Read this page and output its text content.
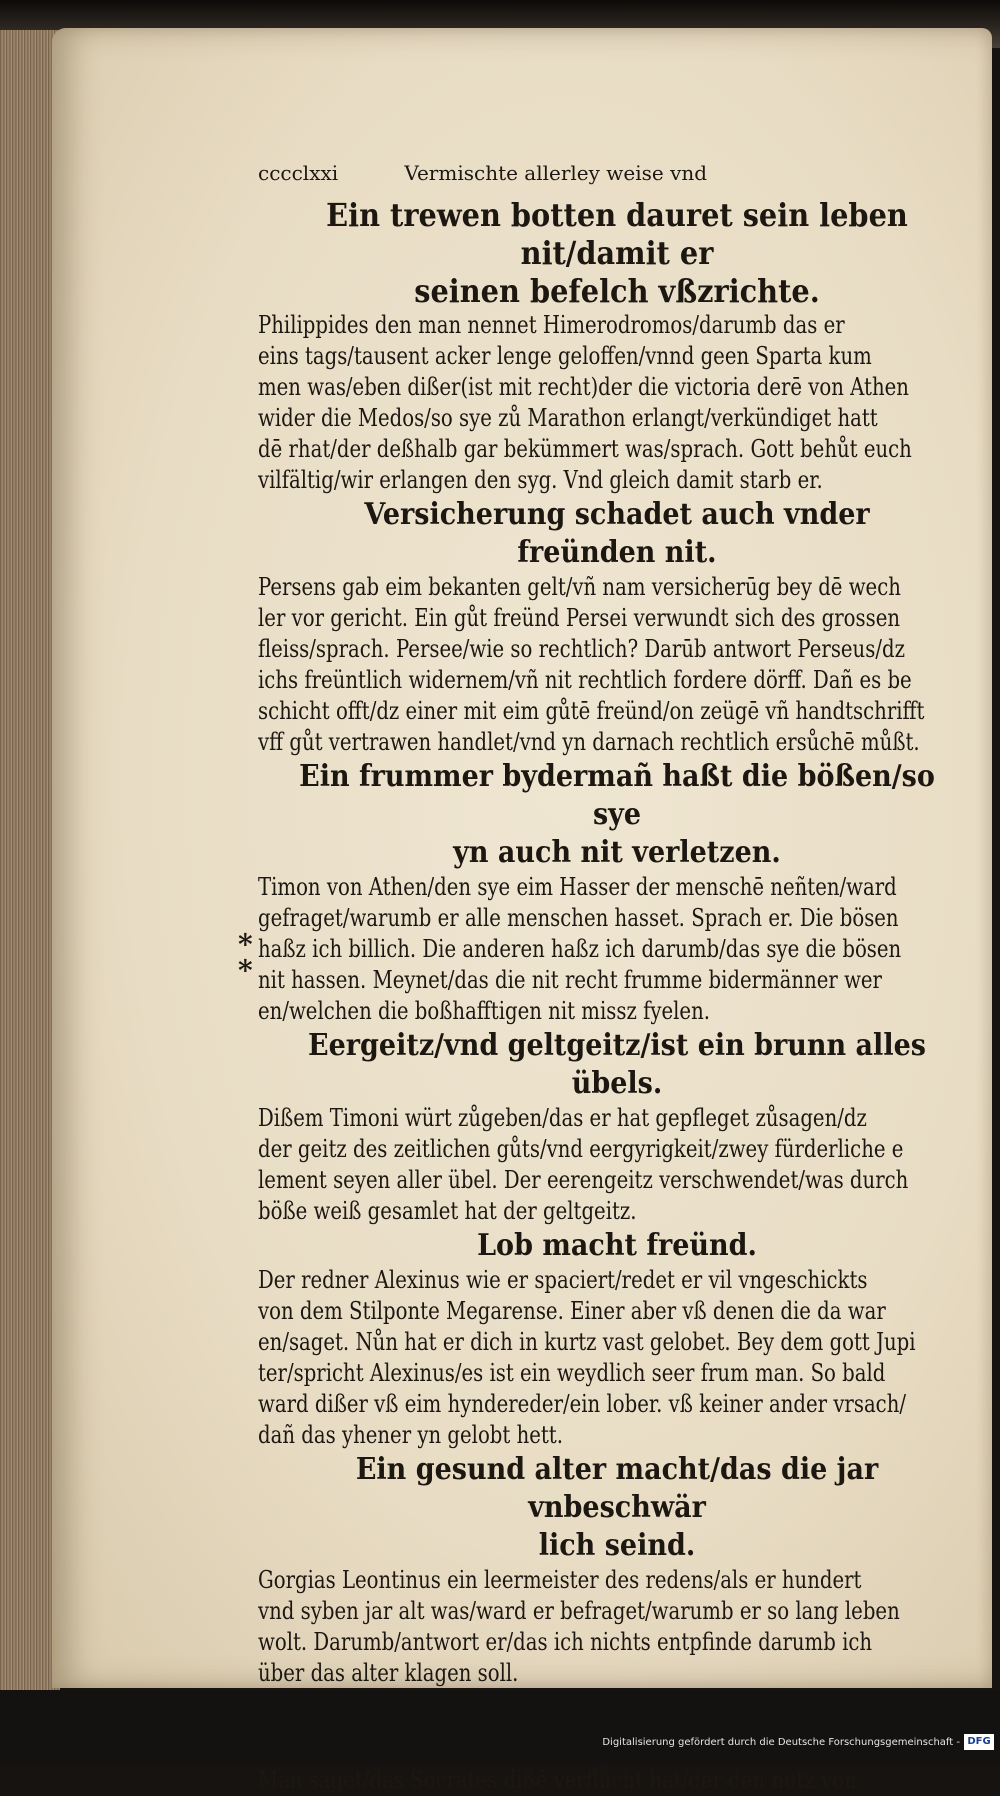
cccclxxi	Vermischte allerley weise vnd
Ein trewen botten dauret sein leben nit/damit er
seinen befelch vßzrichte.
Philippides den man nennet Himerodromos/darumb das er
eins tags/tausent acker lenge geloffen/vnnd geen Sparta kum
men was/eben dißer(ist mit recht)der die victoria derē von Athen
wider die Medos/so sye zů Marathon erlangt/verkündiget hatt
dē rhat/der deßhalb gar bekümmert was/sprach. Gott behůt euch
vilfältig/wir erlangen den syg. Vnd gleich damit starb er.
Versicherung schadet auch vnder freünden nit.
Persens gab eim bekanten gelt/vñ nam versicherūg bey dē wech
ler vor gericht. Ein gůt freünd Persei verwundt sich des grossen
fleiss/sprach. Persee/wie so rechtlich? Darūb antwort Perseus/dz
ichs freüntlich widernem/vñ nit rechtlich fordere dörff. Dañ es be
schicht offt/dz einer mit eim gůtē freünd/on zeügē vñ handtschrifft
vff gůt vertrawen handlet/vnd yn darnach rechtlich ersůchē můßt.
Ein frummer bydermañ haßt die bößen/so sye
yn auch nit verletzen.
Timon von Athen/den sye eim Hasser der menschē neñten/ward
gefraget/warumb er alle menschen hasset. Sprach er. Die bösen
haßz ich billich. Die anderen haßz ich darumb/das sye die bösen
nit hassen. Meynet/das die nit recht frumme bidermänner wer
en/welchen die boßhafftigen nit missz fyelen.
Eergeitz/vnd geltgeitz/ist ein brunn alles übels.
Dißem Timoni würt zůgeben/das er hat gepfleget zůsagen/dz
der geitz des zeitlichen gůts/vnd eergyrigkeit/zwey fürderliche e
lement seyen aller übel. Der eerengeitz verschwendet/was durch
böße weiß gesamlet hat der geltgeitz.
Lob macht freünd.
Der redner Alexinus wie er spaciert/redet er vil vngeschickts
von dem Stilponte Megarense. Einer aber vß denen die da war
en/saget. Nůn hat er dich in kurtz vast gelobet. Bey dem gott Jupi
ter/spricht Alexinus/es ist ein weydlich seer frum man. So bald
ward dißer vß eim hyndereder/ein lober. vß keiner ander vrsach/
dañ das yhener yn gelobt hett.
Ein gesund alter macht/das die jar vnbeschwär
lich seind.
Gorgias Leontinus ein leermeister des redens/als er hundert
vnd syben jar alt was/ward er befraget/warumb er so lang leben
wolt. Darumb/antwort er/das ich nichts entpfinde darumb ich
über das alter klagen soll.
Man saget/das Socrates dißē verflůcht hat/der den nutz von
*
*
Digitalisierung gefördert durch die Deutsche Forschungsgemeinschaft - DFG
